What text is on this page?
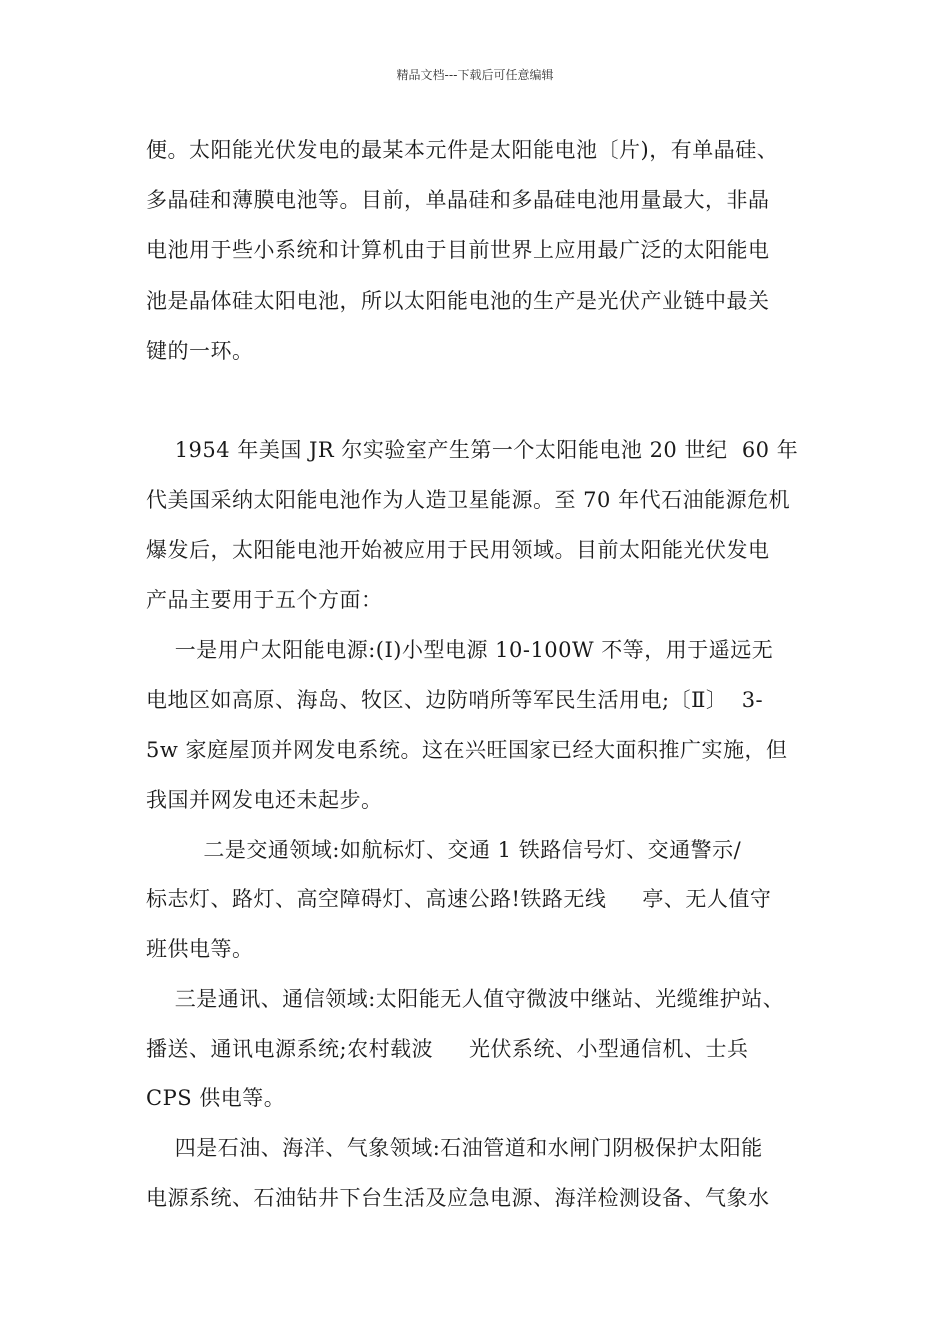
精品文档---下载后可任意编辑
便。太阳能光伏发电的最某本元件是太阳能电池〔片)，有单晶硅、
多晶硅和薄膜电池等。目前，单晶硅和多晶硅电池用量最大，非晶
电池用于些小系统和计算机由于目前世界上应用最广泛的太阳能电
池是晶体硅太阳电池，所以太阳能电池的生产是光伏产业链中最关
键的一环。
1954 年美国 JR 尔实验室产生第一个太阳能电池 20 世纪  60 年
代美国采纳太阳能电池作为人造卫星能源。至 70 年代石油能源危机
爆发后，太阳能电池开始被应用于民用领域。目前太阳能光伏发电
产品主要用于五个方面：
一是用户太阳能电源:(I)小型电源 10-100W 不等，用于遥远无
电地区如高原、海岛、牧区、边防哨所等军民生活用电;〔Ⅱ〕  3-
5w 家庭屋顶并网发电系统。这在兴旺国家已经大面积推广实施，但
我国并网发电还未起步。
二是交通领域:如航标灯、交通 1 铁路信号灯、交通警示/
标志灯、路灯、高空障碍灯、高速公路!铁路无线     亭、无人值守
班供电等。
三是通讯、通信领域:太阳能无人值守微波中继站、光缆维护站、
播送、通讯电源系统;农村载波     光伏系统、小型通信机、士兵
CPS 供电等。
四是石油、海洋、气象领域:石油管道和水闸门阴极保护太阳能
电源系统、石油钻井下台生活及应急电源、海洋检测设备、气象水
